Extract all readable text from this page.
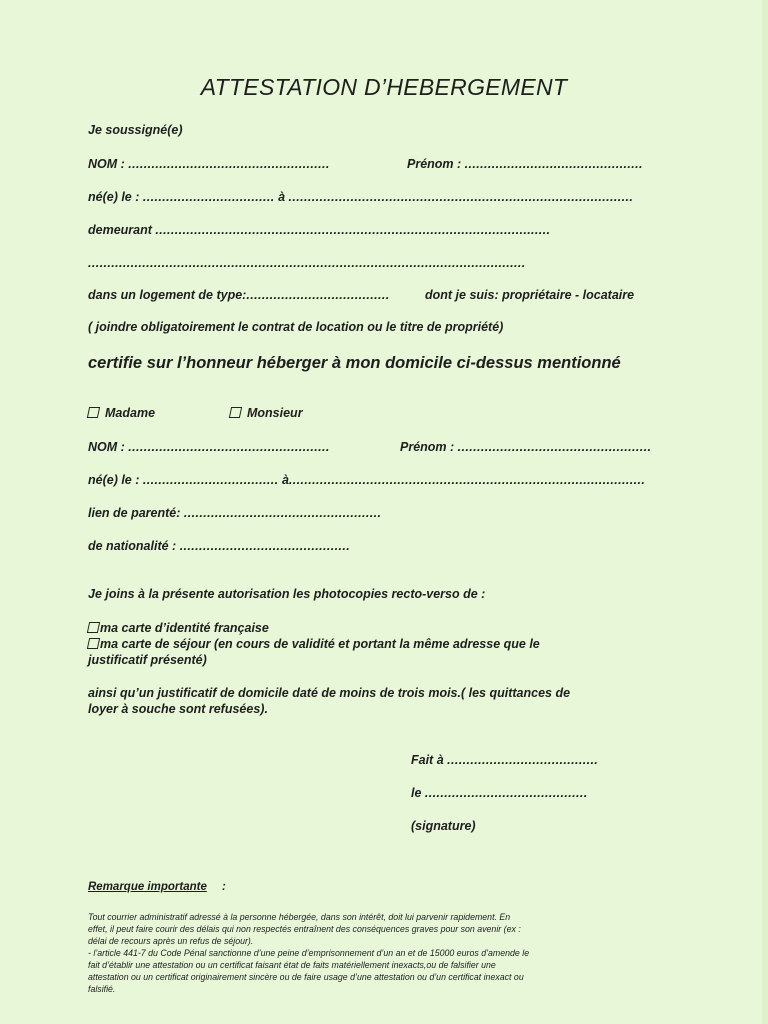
ATTESTATION D’HEBERGEMENT
Je soussigné(e)
NOM : ....................................................	Prénom : ..............................................
né(e) le : .................................. à .........................................................................................
demeurant ......................................................................................................
.................................................................................................................
dans un logement de type:.....................................	dont je suis: propriétaire - locataire
( joindre obligatoirement le contrat de location ou le titre de propriété)
certifie sur l’honneur héberger à mon domicile ci-dessus mentionné
Madame	Monsieur
NOM : ....................................................	Prénom : ..................................................
né(e) le : ................................... à............................................................................................
lien de parenté: ...................................................
de nationalité : ............................................
Je joins à la présente autorisation les photocopies recto-verso de :
ma carte d’identité française
ma carte de séjour (en cours de validité et portant la même adresse que le
justificatif présenté)
ainsi qu’un justificatif de domicile daté de moins de trois mois.( les quittances de
loyer à souche sont refusées).
Fait à .......................................
le ..........................................
(signature)
Remarque importante :
Tout courrier administratif adressé à la personne hébergée, dans son intérêt, doit lui parvenir rapidement. En
effet, il peut faire courir des délais qui non respectés entraînent des conséquences graves pour son avenir (ex :
délai de recours après un refus de séjour).
- l’article 441-7 du Code Pénal sanctionne d’une peine d’emprisonnement d’un an et de 15000 euros d’amende le
fait d’établir une attestation ou un certificat faisant état de faits matériellement inexacts,ou de falsifier une
attestation ou un certificat originairement sincère ou de faire usage d’une attestation ou d’un certificat inexact ou
falsifié.
